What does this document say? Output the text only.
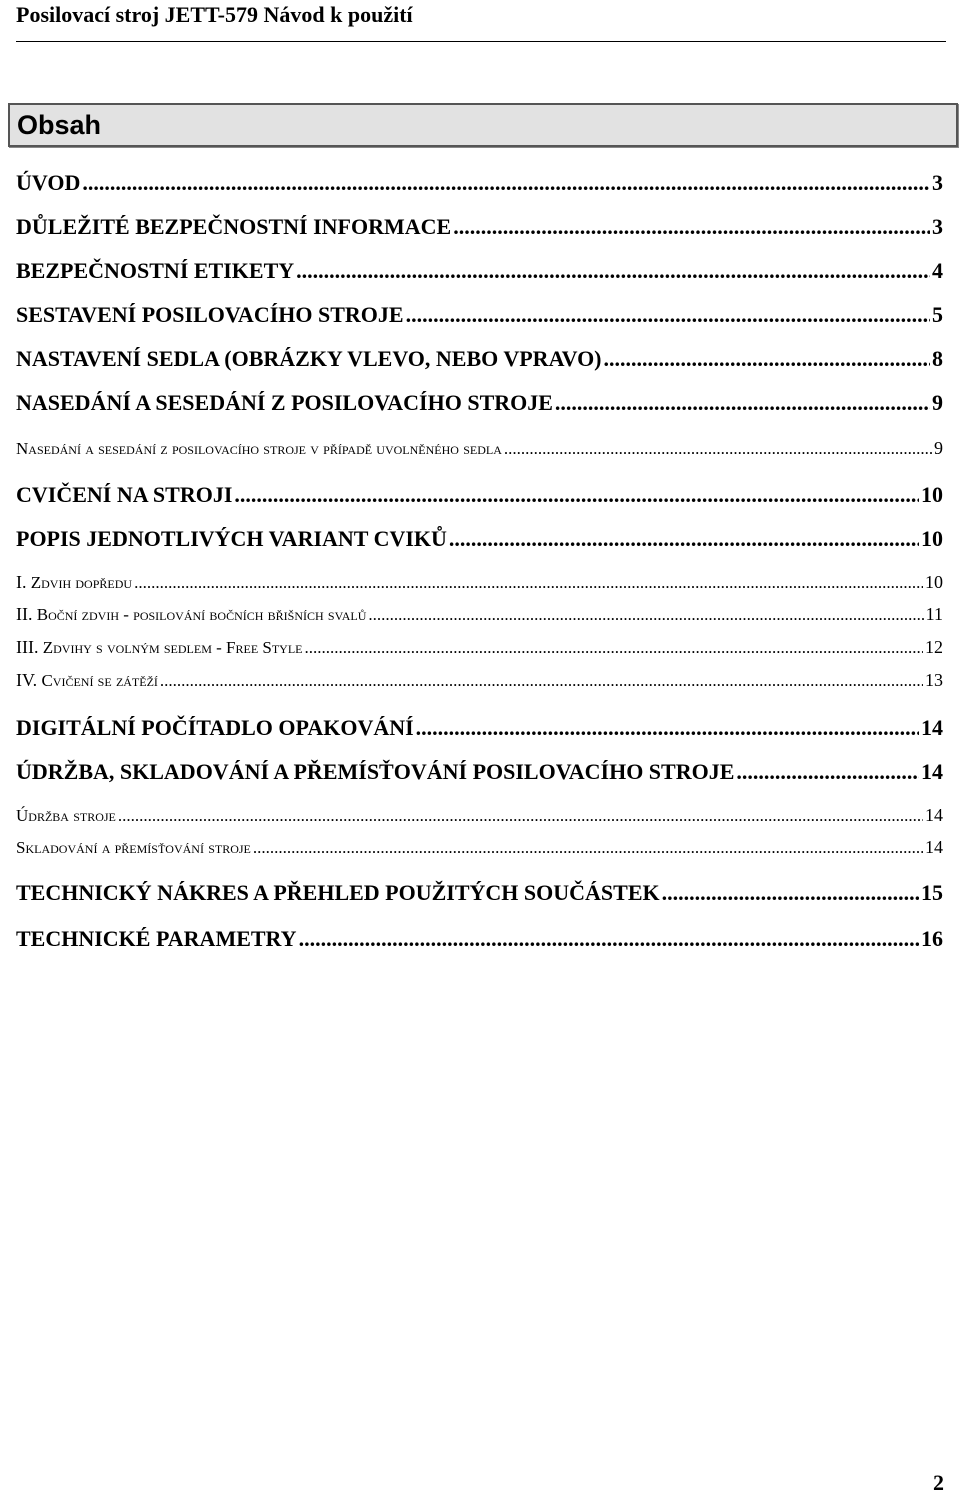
Posilovací stroj JETT-579 Návod k použití
Obsah
ÚVOD .....	3
DŮLEŽITÉ BEZPEČNOSTNÍ INFORMACE .....	3
BEZPEČNOSTNÍ ETIKETY .....	4
SESTAVENÍ POSILOVACÍHO STROJE .....	5
NASTAVENÍ SEDLA (OBRÁZKY VLEVO, NEBO VPRAVO) .....	8
NASEDÁNÍ A SESEDÁNÍ Z POSILOVACÍHO STROJE .....	9
Nasedání a sesedání z posilovacího stroje v případě uvolněného sedla .....	9
CVIČENÍ NA STROJI .....	10
POPIS JEDNOTLIVÝCH VARIANT CVIKŮ .....	10
I. Zdvih dopředu .....	10
II. Boční zdvih - posilování bočních břišních svalů .....	11
III. Zdvihy s volným sedlem - Free Style .....	12
IV. Cvičení se zátěží .....	13
DIGITÁLNÍ POČÍTADLO OPAKOVÁNÍ .....	14
ÚDRŽBA, SKLADOVÁNÍ A PŘEMÍSŤOVÁNÍ POSILOVACÍHO STROJE .....	14
Údržba stroje .....	14
Skladování a přemísťování stroje .....	14
TECHNICKÝ NÁKRES A PŘEHLED POUŽITÝCH SOUČÁSTEK .....	15
TECHNICKÉ PARAMETRY .....	16
2
